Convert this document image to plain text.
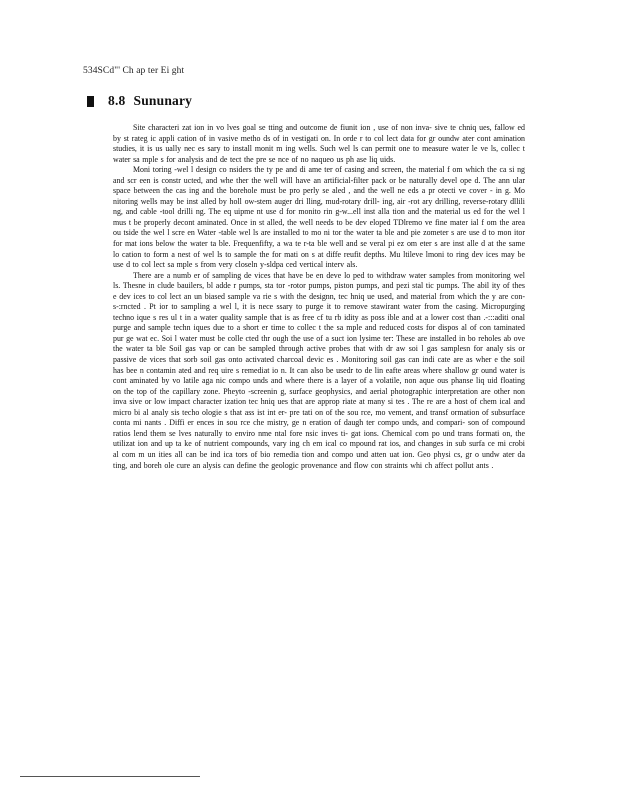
534SCd"' Ch ap ter Ei ght
8.8 Sununary

Site characteri zat ion in vo lves goal se tting and outcome de fiunit ion , use of non inva- sive te chniq ues, fallow ed by st rateg ic appli cation of in vasive metho ds of in vestigati on. In orde r to col lect data for gr oundw ater cont amination studies, it is us ually nec es sary to install monit m ing wells. Such wel ls can permit one to measure water le ve ls, collec t water sa mple s for analysis and de tect the pre se nce of no naqueo us ph ase liq uids.

Moni toring -wel l design co nsiders the ty pe and di ame ter of casing and screen, the material f om which the ca si ng and scr een is constr ucted, and whe ther the well will have an artificial-filter pack or be naturally devel ope d. The ann ular space between the cas ing and the borehole must be pro perly se aled , and the well ne eds a pr otecti ve cover - in g. Mo nitoring wells may be inst alled by holl ow-stem auger dri lling, mud-rotary drill- ing, air -rot ary drilling, reverse-rotary dllili ng, and cable -tool drilli ng. The eq uipme nt use d for monito rin g-w...ell inst alla tion and the material us ed for the wel l mus t be properly decont aminated. Once in st alled, the well needs to be dev eloped TDlremo ve fine mater ial f om the area ou tside the wel l scre en Water -table wel ls are installed to mo ni tor the water ta ble and pie zometer s are use d to mon itor for mat ions below the water ta ble. Frequenfifty, a wa te r-ta ble well and se veral pi ez om eter s are inst alle d at the same lo cation to form a nest of wel ls to sample the for mati on s at diffe reufit depths. Mu ltileve lmoni to ring dev ices may be use d to col lect sa mple s from very closeln y-sldpa ced vertical interv als.

There are a numb er of sampling de vices that have be en deve lo ped to withdraw water samples from monitoring wel ls. Thesne in clude bauilers, bl adde r pumps, sta tor -rotor pumps, piston pumps, and pezi stal tic pumps. The abil ity of thes e dev ices to col lect an un biased sample va rie s with the designn, tec hniq ue used, and material from which the y are con- s-:rncted . Pt ior to sampling a wel l, it is nece ssary to purge it to remove stawirant water from the casing. Micropurging techno ique s res ul t in a water quality sample that is as free cf tu rb idity as poss ible and at a lower cost than .-:::aditi onal purge and sample techn iques due to a short er time to collec t the sa mple and reduced costs for dispos al of con taminated pur ge wat ec. Soi l water must be colle cted thr ough the use of a suct ion lysime ter: These are installed in bo reholes ab ove the water ta ble Soil gas vap or can be sampled through active probes that with dr aw soi l gas samplesn for analy sis or passive de vices that sorb soil gas onto activated charcoal devic es . Monitoring soil gas can indi cate are as wher e the soil has bee n contamin ated and req uire s remediat io n. It can also be usedr to de lin eafte areas where shallow gr ound water is cont aminated by vo latile aga nic compo unds and where there is a layer of a volatile, non aque ous phanse liq uid floating on the top of the capillary zone. Pheyto -screenin g, surface geophysics, and aerial photographic interpretation are other non inva sive or low impact character ization tec hniq ues that are approp riate at many si tes . The re are a host of chem ical and micro bi al analy sis techo ologie s that ass ist int er- pre tati on of the sou rce, mo vement, and transf ormation of subsurface conta mi nants . Diffi er ences in sou rce che mistry, ge n eration of daugh ter compo unds, and compari- son of compound ratios lend them se lves naturally to enviro nme ntal fore nsic inves ti- gat ions. Chemical com po und trans formati on, the utilizat ion and up ta ke of nutrient compounds, vary ing ch em ical co mpound rat ios, and changes in sub surfa ce mi crobi al com m un ities all can be ind ica tors of bio remedia tion and compo und atten uat ion. Geo physi cs, gr o undw ater da ting, and boreh ole cure an alysis can define the geologic provenance and flow con straints whi ch affect pollut ants .
